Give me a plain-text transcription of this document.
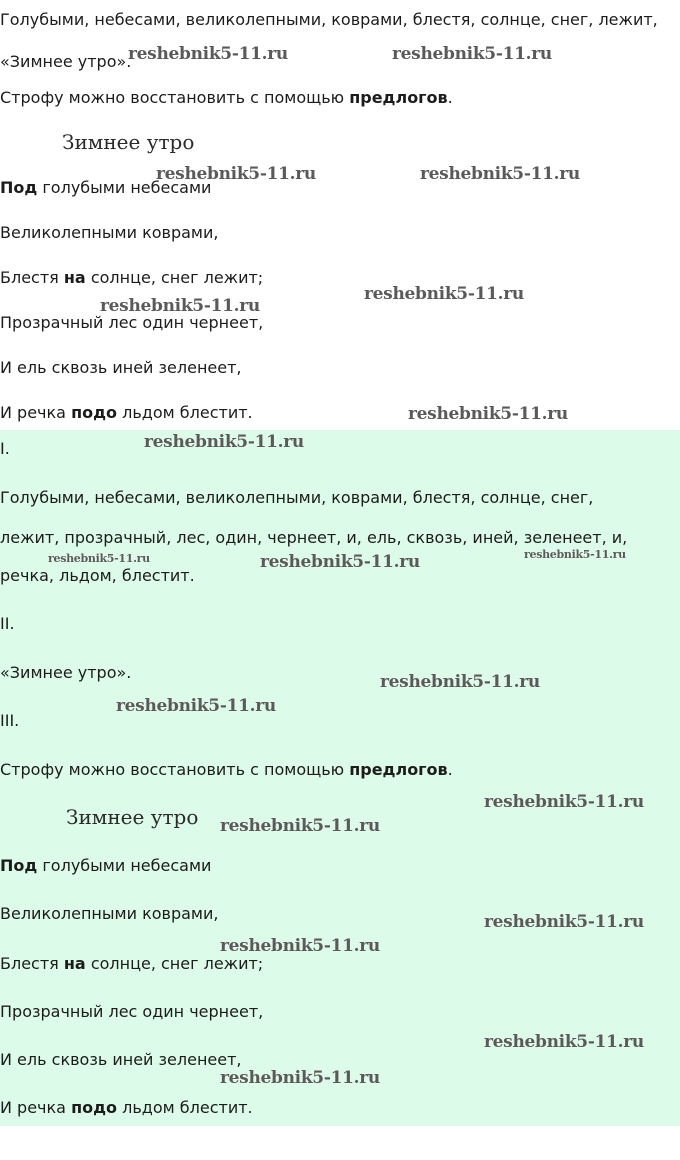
Голубыми, небесами, великолепными, коврами, блестя, солнце, снег, лежит,
«Зимнее утро».
Строфу можно восстановить с помощью предлогов.
Зимнее утро
Под голубыми небесами
Великолепными коврами,
Блестя на солнце, снег лежит;
Прозрачный лес один чернеет,
И ель сквозь иней зеленеет,
И речка подо льдом блестит.
I.
Голубыми, небесами, великолепными, коврами, блестя, солнце, снег,
лежит, прозрачный, лес, один, чернеет, и, ель, сквозь, иней, зеленеет, и,
речка, льдом, блестит.
II.
«Зимнее утро».
III.
Строфу можно восстановить с помощью предлогов.
Зимнее утро
Под голубыми небесами
Великолепными коврами,
Блестя на солнце, снег лежит;
Прозрачный лес один чернеет,
И ель сквозь иней зеленеет,
И речка подо льдом блестит.
reshebnik5-11.ru	reshebnik5-11.ru
reshebnik5-11.ru	reshebnik5-11.ru
reshebnik5-11.ru
reshebnik5-11.ru
reshebnik5-11.ru
reshebnik5-11.ru
reshebnik5-11.ru	reshebnik5-11.ru
reshebnik5-11.ru
reshebnik5-11.ru
reshebnik5-11.ru
reshebnik5-11.ru
reshebnik5-11.ru
reshebnik5-11.ru
reshebnik5-11.ru
reshebnik5-11.ru
reshebnik5-11.ru
